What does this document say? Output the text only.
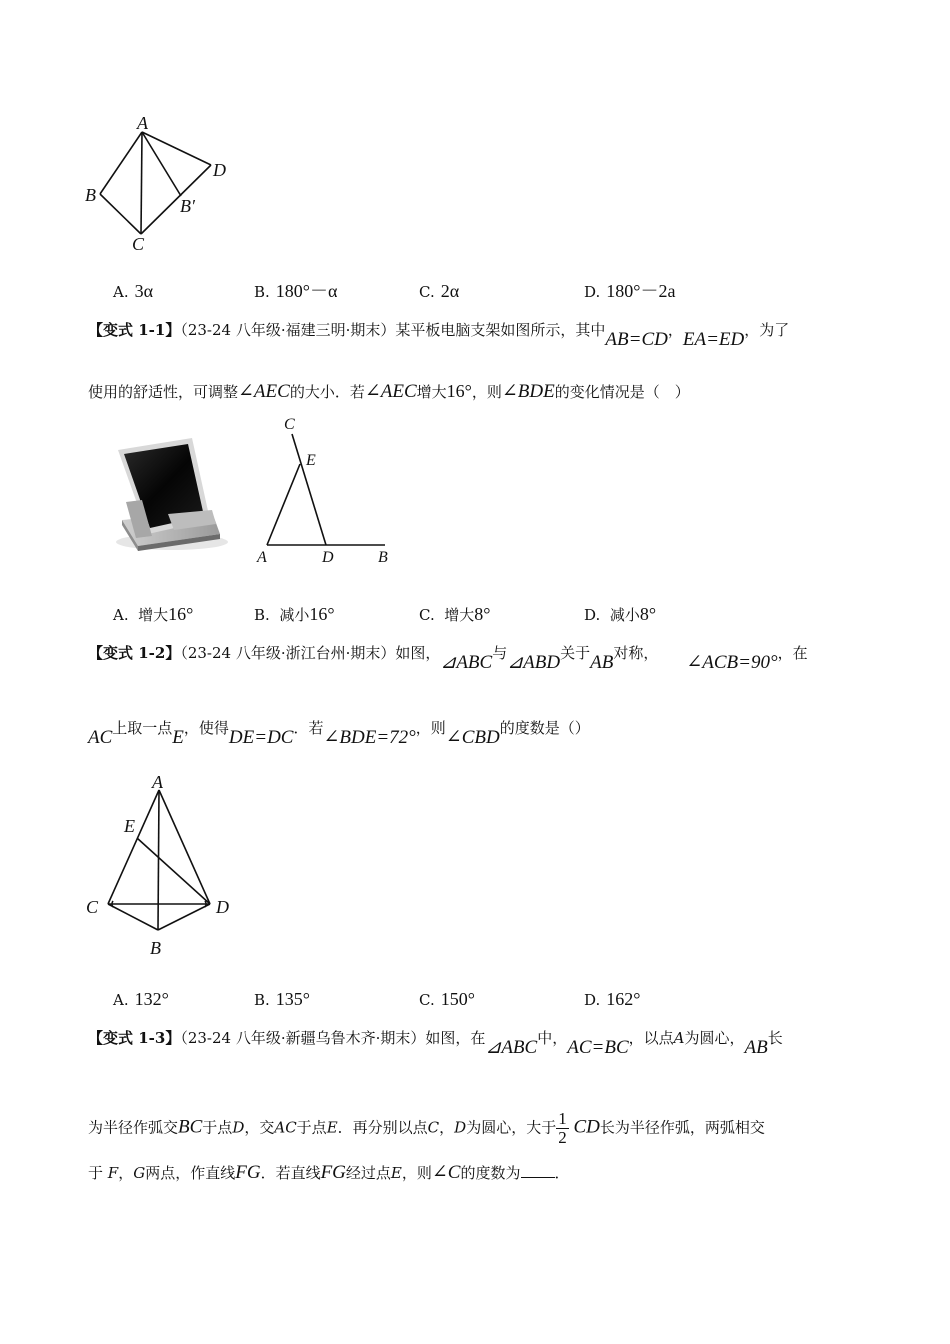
A
B
C
D
B′
A. 3α	B. 180°－α	C. 2α	D. 180°－2a
【变式 1-1】（23-24 八年级·福建三明·期末）某平板电脑支架如图所示，其中AB=CD，EA=ED，为了
使用的舒适性，可调整∠AEC的大小．若∠AEC增大16°，则∠BDE的变化情况是（　）
C
E
A	D	B
A. 增大16°	B. 减小16°	C. 增大8°	D. 减小8°
【变式 1-2】（23-24 八年级·浙江台州·期末）如图，⊿ABC与⊿ABD关于AB对称， ∠ACB=90°，在
AC上取一点E，使得DE=DC．若∠BDE=72°，则∠CBD的度数是（）
A
E
C	D
B
A. 132°	B. 135°	C. 150°	D. 162°
【变式 1-3】（23-24 八年级·新疆乌鲁木齐·期末）如图，在⊿ABC中，AC=BC，以点A为圆心，AB长
为半径作弧交BC于点D，交AC于点E．再分别以点C，D为圆心，大于 $\frac{1}{2}$ CD长为半径作弧，两弧相交
于 F，G两点，作直线FG．若直线FG经过点E，则∠C的度数为 ．
